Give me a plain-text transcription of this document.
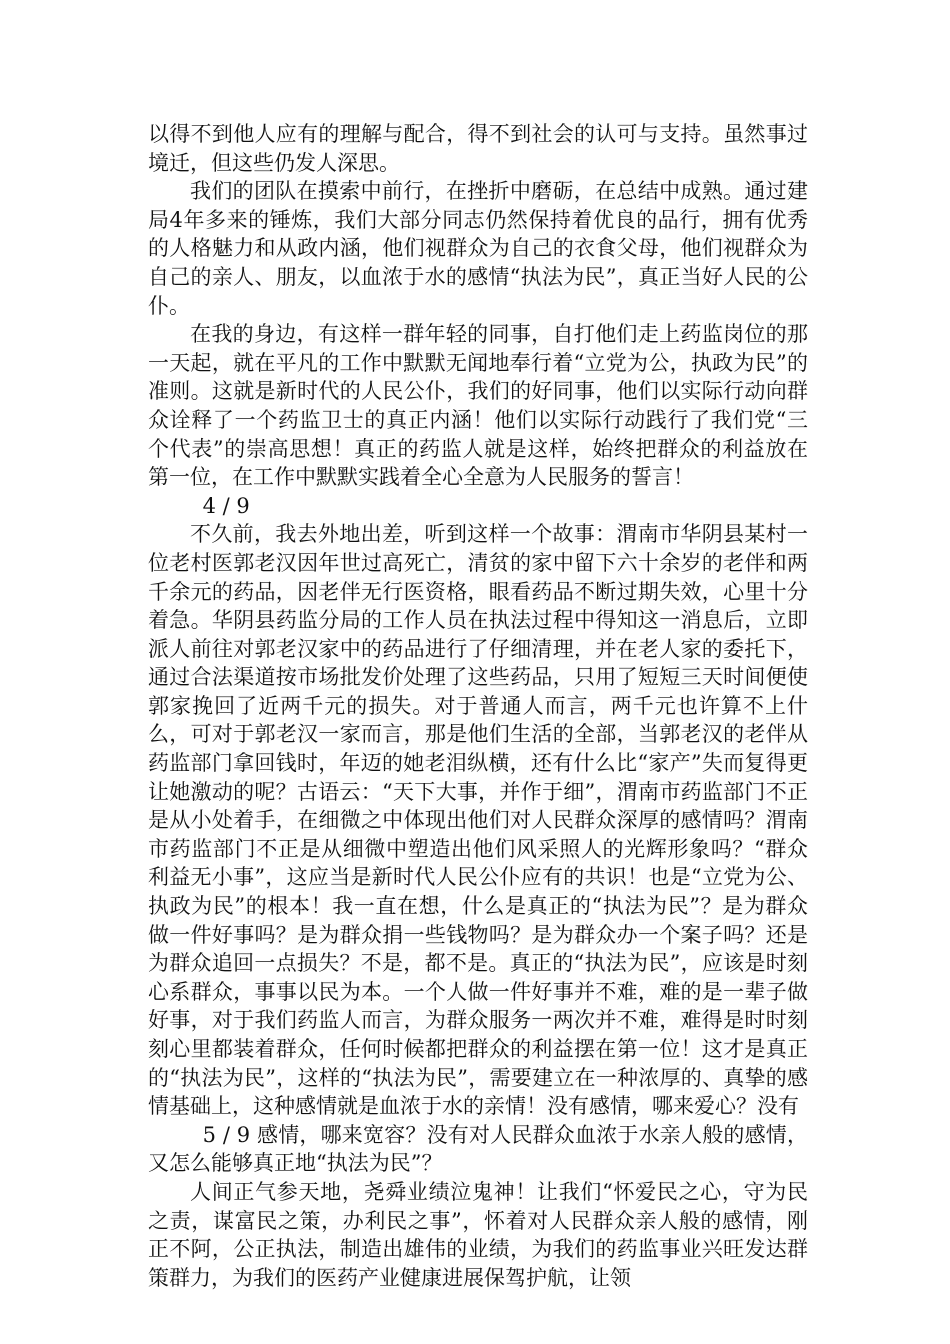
以得不到他人应有的理解与配合，得不到社会的认可与支持。虽然事过境迁，但这些仍发人深思。

我们的团队在摸索中前行，在挫折中磨砺，在总结中成熟。通过建局4年多来的锤炼，我们大部分同志仍然保持着优良的品行，拥有优秀的人格魅力和从政内涵，他们视群众为自己的衣食父母，他们视群众为自己的亲人、朋友，以血浓于水的感情“执法为民”，真正当好人民的公仆。

在我的身边，有这样一群年轻的同事，自打他们走上药监岗位的那一天起，就在平凡的工作中默默无闻地奉行着“立党为公，执政为民”的准则。这就是新时代的人民公仆，我们的好同事，他们以实际行动向群众诠释了一个药监卫士的真正内涵！他们以实际行动践行了我们党“三个代表”的崇高思想！真正的药监人就是这样，始终把群众的利益放在第一位，在工作中默默实践着全心全意为人民服务的誓言！

4 / 9

不久前，我去外地出差，听到这样一个故事：渭南市华阴县某村一位老村医郭老汉因年世过高死亡，清贫的家中留下六十余岁的老伴和两千余元的药品，因老伴无行医资格，眼看药品不断过期失效，心里十分着急。华阴县药监分局的工作人员在执法过程中得知这一消息后，立即派人前往对郭老汉家中的药品进行了仔细清理，并在老人家的委托下，通过合法渠道按市场批发价处理了这些药品，只用了短短三天时间便使郭家挽回了近两千元的损失。对于普通人而言，两千元也许算不上什么，可对于郭老汉一家而言，那是他们生活的全部，当郭老汉的老伴从药监部门拿回钱时，年迈的她老泪纵横，还有什么比“家产”失而复得更让她激动的呢？古语云：“天下大事，并作于细”，渭南市药监部门不正是从小处着手，在细微之中体现出他们对人民群众深厚的感情吗？渭南市药监部门不正是从细微中塑造出他们风采照人的光辉形象吗？“群众利益无小事”，这应当是新时代人民公仆应有的共识！也是“立党为公、执政为民”的根本！我一直在想，什么是真正的“执法为民”？是为群众做一件好事吗？是为群众捐一些钱物吗？是为群众办一个案子吗？还是为群众追回一点损失？不是，都不是。真正的“执法为民”，应该是时刻心系群众，事事以民为本。一个人做一件好事并不难，难的是一辈子做好事，对于我们药监人而言，为群众服务一两次并不难，难得是时时刻刻心里都装着群众，任何时候都把群众的利益摆在第一位！这才是真正的“执法为民”，这样的“执法为民”，需要建立在一种浓厚的、真挚的感情基础上，这种感情就是血浓于水的亲情！没有感情，哪来爱心？没有

5 / 9 感情，哪来宽容？没有对人民群众血浓于水亲人般的感情，又怎么能够真正地“执法为民”？

人间正气参天地，尧舜业绩泣鬼神！让我们“怀爱民之心，守为民之责，谋富民之策，办利民之事”，怀着对人民群众亲人般的感情，刚正不阿，公正执法，制造出雄伟的业绩，为我们的药监事业兴旺发达群策群力，为我们的医药产业健康进展保驾护航，让领
